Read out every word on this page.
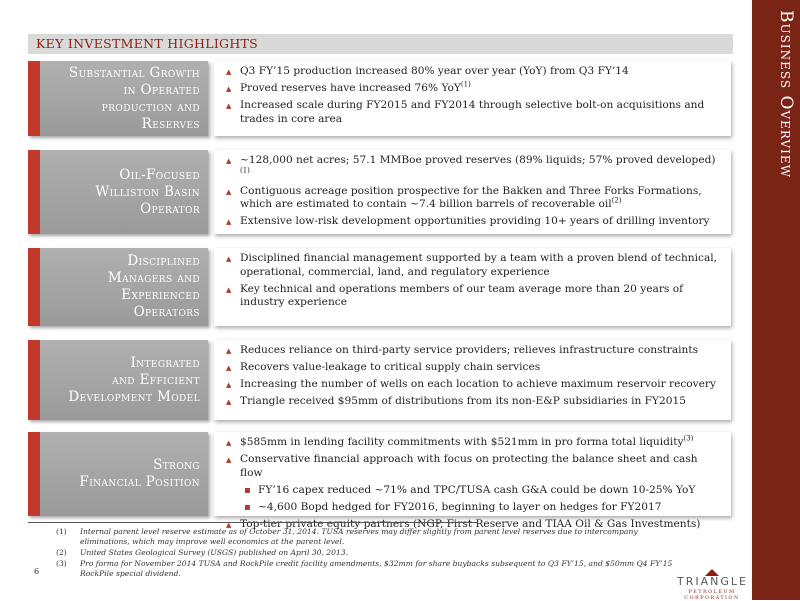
Business Overview
KEY INVESTMENT HIGHLIGHTS
Substantial Growth
in Operated
production and
Reserves
▲ Q3 FY’15 production increased 80% year over year (YoY) from Q3 FY’14
▲ Proved reserves have increased 76% YoY$^{(1)}$
▲ Increased scale during FY2015 and FY2014 through selective bolt-on acquisitions and trades in core area
Oil-Focused
Williston Basin
Operator
▲ ~128,000 net acres; 57.1 MMBoe proved reserves (89% liquids; 57% proved developed)$^{(1)}$
▲ Contiguous acreage position prospective for the Bakken and Three Forks Formations, which are estimated to contain ~7.4 billion barrels of recoverable oil$^{(2)}$
▲ Extensive low-risk development opportunities providing 10+ years of drilling inventory
Disciplined
Managers and
Experienced
Operators
▲ Disciplined financial management supported by a team with a proven blend of technical, operational, commercial, land, and regulatory experience
▲ Key technical and operations members of our team average more than 20 years of industry experience
Integrated
and Efficient
Development Model
▲ Reduces reliance on third-party service providers; relieves infrastructure constraints
▲ Recovers value-leakage to critical supply chain services
▲ Increasing the number of wells on each location to achieve maximum reservoir recovery
▲ Triangle received $95mm of distributions from its non-E&P subsidiaries in FY2015
Strong
Financial Position
▲ $585mm in lending facility commitments with $521mm in pro forma total liquidity$^{(3)}$
▲ Conservative financial approach with focus on protecting the balance sheet and cash flow
▪ FY’16 capex reduced ~71% and TPC/TUSA cash G&A could be down 10-25% YoY
▪ ~4,600 Bopd hedged for FY2016, beginning to layer on hedges for FY2017
▲ Top-tier private equity partners (NGP, First Reserve and TIAA Oil & Gas Investments)
(1) Internal parent level reserve estimate as of October 31, 2014. TUSA reserves may differ slightly from parent level reserves due to intercompany eliminations, which may improve well economics at the parent level.
(2) United States Geological Survey (USGS) published on April 30, 2013.
(3) Pro forma for November 2014 TUSA and RockPile credit facility amendments, $32mm for share buybacks subsequent to Q3 FY’15, and $50mm Q4 FY’15 RockPile special dividend.
6
TRIANGLE
PETROLEUM CORPORATION
